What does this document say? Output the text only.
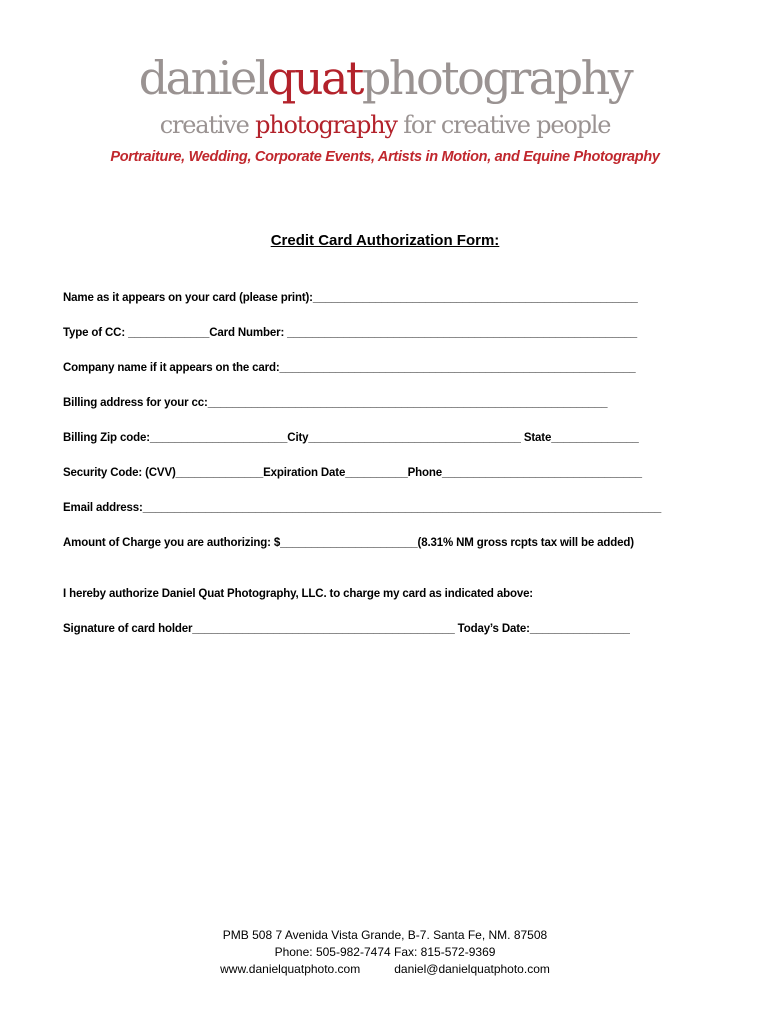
danielquatphotography
creative photography for creative people
Portraiture, Wedding, Corporate Events, Artists in Motion, and Equine Photography
Credit Card Authorization Form:
Name as it appears on your card (please print):____________________________________________________
Type of CC: _____________Card Number: ________________________________________________________
Company name if it appears on the card:_________________________________________________________
Billing address for your cc:________________________________________________________________
Billing Zip code:______________________City__________________________________ State______________
Security Code: (CVV)______________Expiration Date__________Phone________________________________
Email address:___________________________________________________________________________________
Amount of Charge you are authorizing: $______________________(8.31% NM gross rcpts tax will be added)
I hereby authorize Daniel Quat Photography, LLC. to charge my card as indicated above:
Signature of card holder__________________________________________ Today’s Date:________________
PMB 508 7 Avenida Vista Grande, B-7. Santa Fe, NM. 87508
Phone: 505-982-7474 Fax: 815-572-9369
www.danielquatphoto.com	daniel@danielquatphoto.com
